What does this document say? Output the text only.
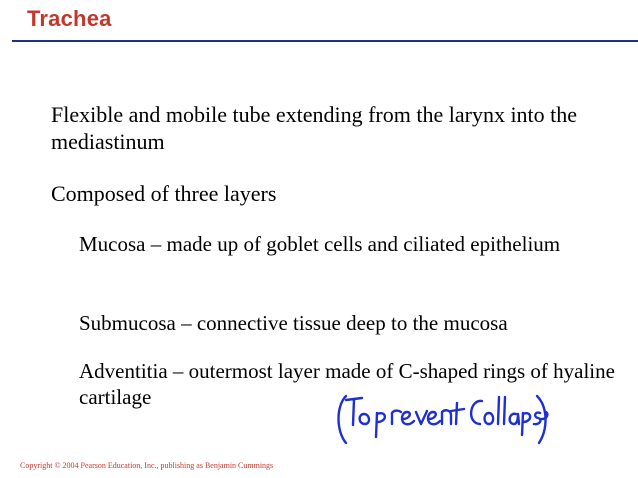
Trachea
Flexible and mobile tube extending from the larynx into the mediastinum
Composed of three layers
Mucosa – made up of goblet cells and ciliated epithelium
Submucosa – connective tissue deep to the mucosa
Adventitia – outermost layer made of C-shaped rings of hyaline cartilage
Copyright © 2004 Pearson Education, Inc., publishing as Benjamin Cummings
